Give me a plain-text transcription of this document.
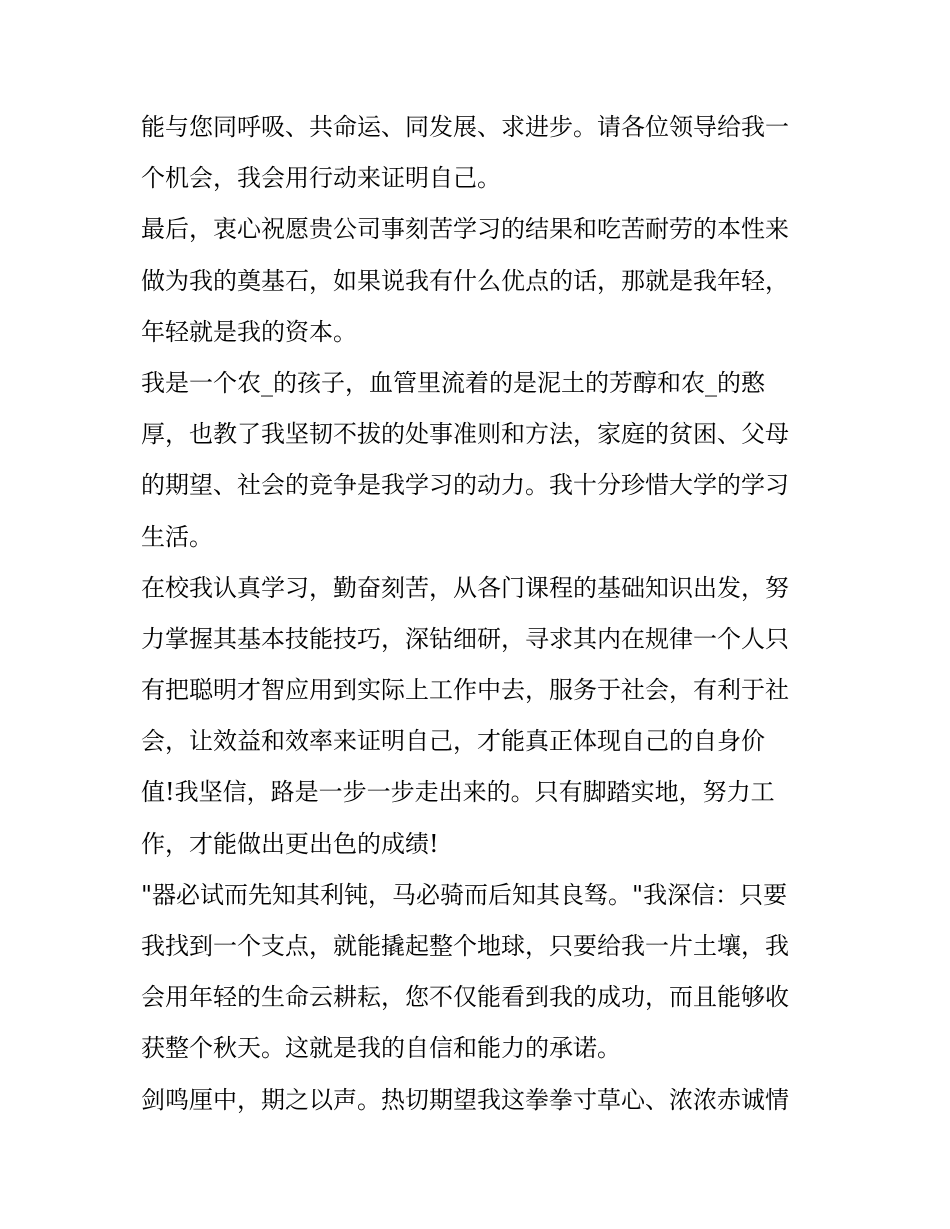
能与您同呼吸、共命运、同发展、求进步。请各位领导给我一
个机会，我会用行动来证明自己。
最后，衷心祝愿贵公司事刻苦学习的结果和吃苦耐劳的本性来
做为我的奠基石，如果说我有什么优点的话，那就是我年轻，
年轻就是我的资本。
我是一个农_的孩子，血管里流着的是泥土的芳醇和农_的憨
厚，也教了我坚韧不拔的处事准则和方法，家庭的贫困、父母
的期望、社会的竞争是我学习的动力。我十分珍惜大学的学习
生活。
在校我认真学习，勤奋刻苦，从各门课程的基础知识出发，努
力掌握其基本技能技巧，深钻细研，寻求其内在规律一个人只
有把聪明才智应用到实际上工作中去，服务于社会，有利于社
会，让效益和效率来证明自己，才能真正体现自己的自身价
值!我坚信，路是一步一步走出来的。只有脚踏实地，努力工
作，才能做出更出色的成绩!
"器必试而先知其利钝，马必骑而后知其良驽。"我深信：只要
我找到一个支点，就能撬起整个地球，只要给我一片土壤，我
会用年轻的生命云耕耘，您不仅能看到我的成功，而且能够收
获整个秋天。这就是我的自信和能力的承诺。
剑鸣厘中，期之以声。热切期望我这拳拳寸草心、浓浓赤诚情
